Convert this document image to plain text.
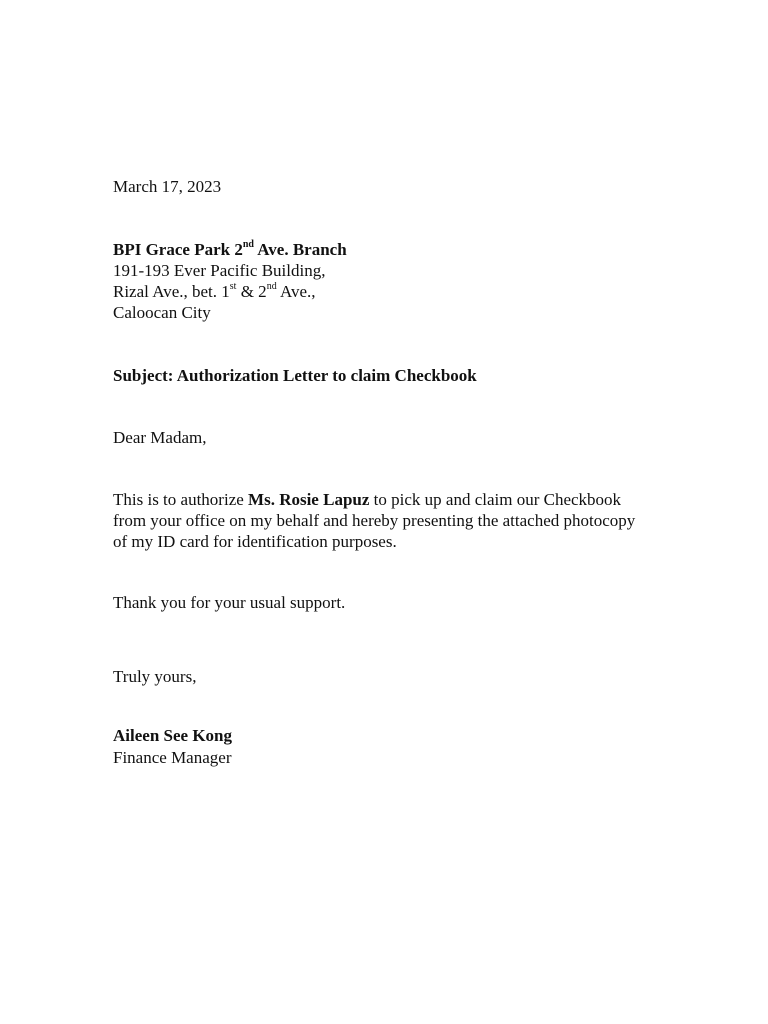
March 17, 2023
BPI Grace Park 2nd Ave. Branch
191-193 Ever Pacific Building,
Rizal Ave., bet. 1st & 2nd Ave.,
Caloocan City
Subject: Authorization Letter to claim Checkbook
Dear Madam,
This is to authorize Ms. Rosie Lapuz to pick up and claim our Checkbook
from your office on my behalf and hereby presenting the attached photocopy
of my ID card for identification purposes.
Thank you for your usual support.
Truly yours,
Aileen See Kong
Finance Manager
